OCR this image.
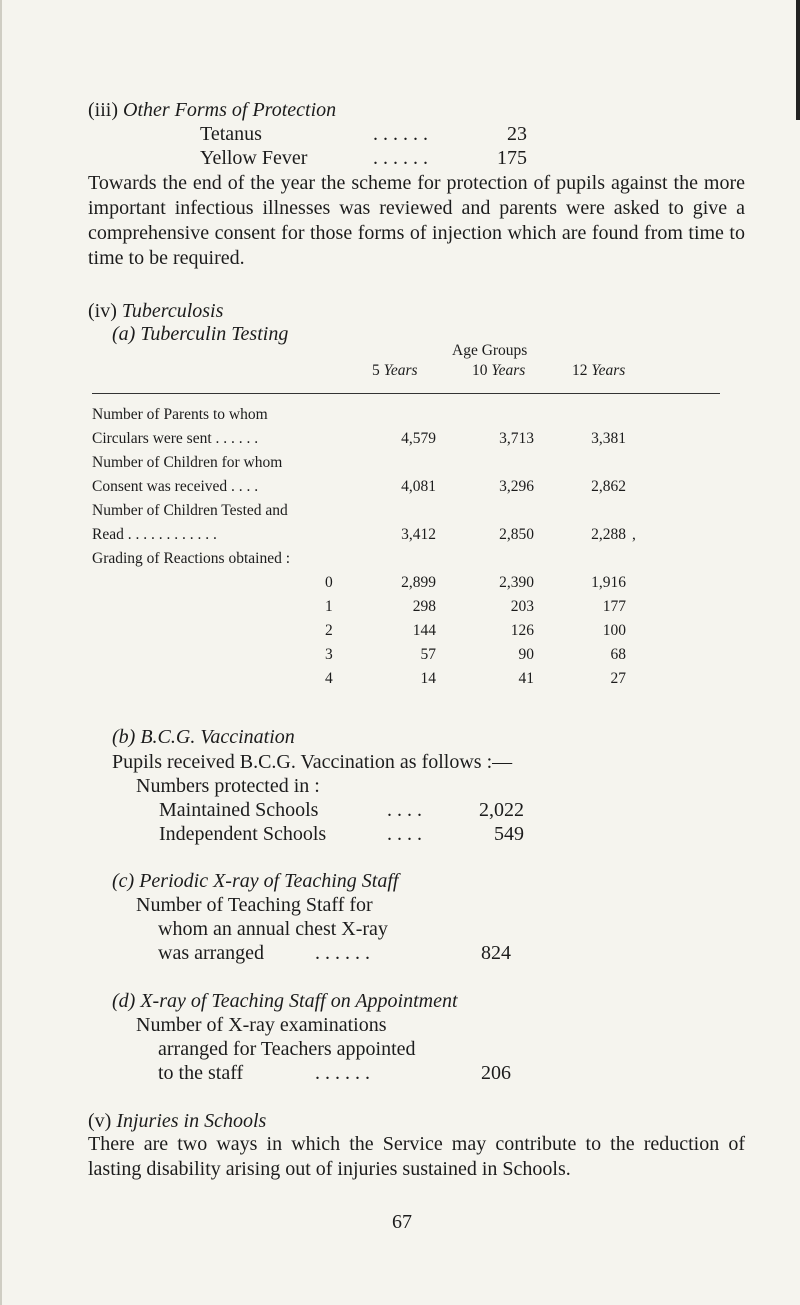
(iii) Other Forms of Protection
Tetanus	. . . . . .	23
Yellow Fever	. . . . . .	175
Towards the end of the year the scheme for protection of pupils against the more important infectious illnesses was reviewed and parents were asked to give a comprehensive consent for those forms of injection which are found from time to time to be required.
(iv) Tuberculosis
(a) Tuberculin Testing
Age Groups
5 Years	10 Years	12 Years
Number of Parents to whom
Circulars were sent . . . . . .	4,579	3,713	3,381
Number of Children for whom
Consent was received . . . .	4,081	3,296	2,862
Number of Children Tested and
Read . . . . . . . . . . . .	3,412	2,850	2,288 ,
Grading of Reactions obtained :
0	2,899	2,390	1,916
1	298	203	177
2	144	126	100
3	57	90	68
4	14	41	27
(b) B.C.G. Vaccination
Pupils received B.C.G. Vaccination as follows :—
Numbers protected in :
Maintained Schools	. . . .	2,022
Independent Schools	. . . .	549
(c) Periodic X-ray of Teaching Staff
Number of Teaching Staff for
whom an annual chest X-ray
was arranged	. . . . . .	824
(d) X-ray of Teaching Staff on Appointment
Number of X-ray examinations
arranged for Teachers appointed
to the staff	. . . . . .	206
(v) Injuries in Schools
There are two ways in which the Service may contribute to the reduction of lasting disability arising out of injuries sustained in Schools.
67
